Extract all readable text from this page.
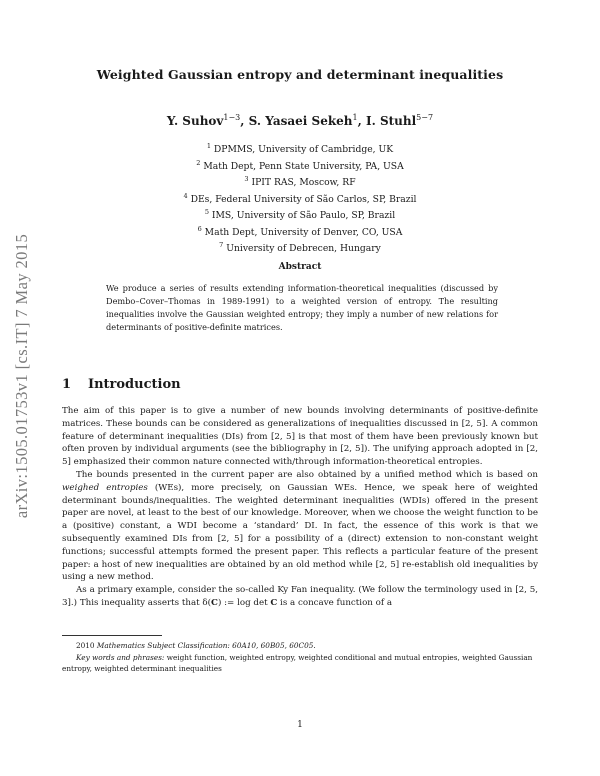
arXiv:1505.01753v1 [cs.IT] 7 May 2015
Weighted Gaussian entropy and determinant inequalities
Y. Suhov$^{1-3}$, S. Yasaei Sekeh$^1$, I. Stuhl$^{5-7}$
$^1$ DPMMS, University of Cambridge, UK
$^2$ Math Dept, Penn State University, PA, USA
$^3$ IPIT RAS, Moscow, RF
$^4$ DEs, Federal University of São Carlos, SP, Brazil
$^5$ IMS, University of São Paulo, SP, Brazil
$^6$ Math Dept, University of Denver, CO, USA
$^7$ University of Debrecen, Hungary
Abstract
We produce a series of results extending information-theoretical inequalities (discussed by Dembo–Cover–Thomas in 1989-1991) to a weighted version of entropy. The resulting inequalities involve the Gaussian weighted entropy; they imply a number of new relations for determinants of positive-definite matrices.
1 Introduction

The aim of this paper is to give a number of new bounds involving determinants of positive-definite matrices. These bounds can be considered as generalizations of inequalities discussed in [2, 5]. A common feature of determinant inequalities (DIs) from [2, 5] is that most of them have been previously known but often proven by individual arguments (see the bibliography in [2, 5]). The unifying approach adopted in [2, 5] emphasized their common nature connected with/through information-theoretical entropies.

The bounds presented in the current paper are also obtained by a unified method which is based on weighed entropies (WEs), more precisely, on Gaussian WEs. Hence, we speak here of weighted determinant bounds/inequalities. The weighted determinant inequalities (WDIs) offered in the present paper are novel, at least to the best of our knowledge. Moreover, when we choose the weight function to be a (positive) constant, a WDI become a ‘standard’ DI. In fact, the essence of this work is that we subsequently examined DIs from [2, 5] for a possibility of a (direct) extension to non-constant weight functions; successful attempts formed the present paper. This reflects a particular feature of the present paper: a host of new inequalities are obtained by an old method while [2, 5] re-establish old inequalities by using a new method.

As a primary example, consider the so-called Ky Fan inequality. (We follow the terminology used in [2, 5, 3].) This inequality asserts that δ(C) := log det C is a concave function of a

2010 Mathematics Subject Classification: 60A10, 60B05, 60C05.

Key words and phrases: weight function, weighted entropy, weighted conditional and mutual entropies, weighted Gaussian entropy, weighted determinant inequalities

1
